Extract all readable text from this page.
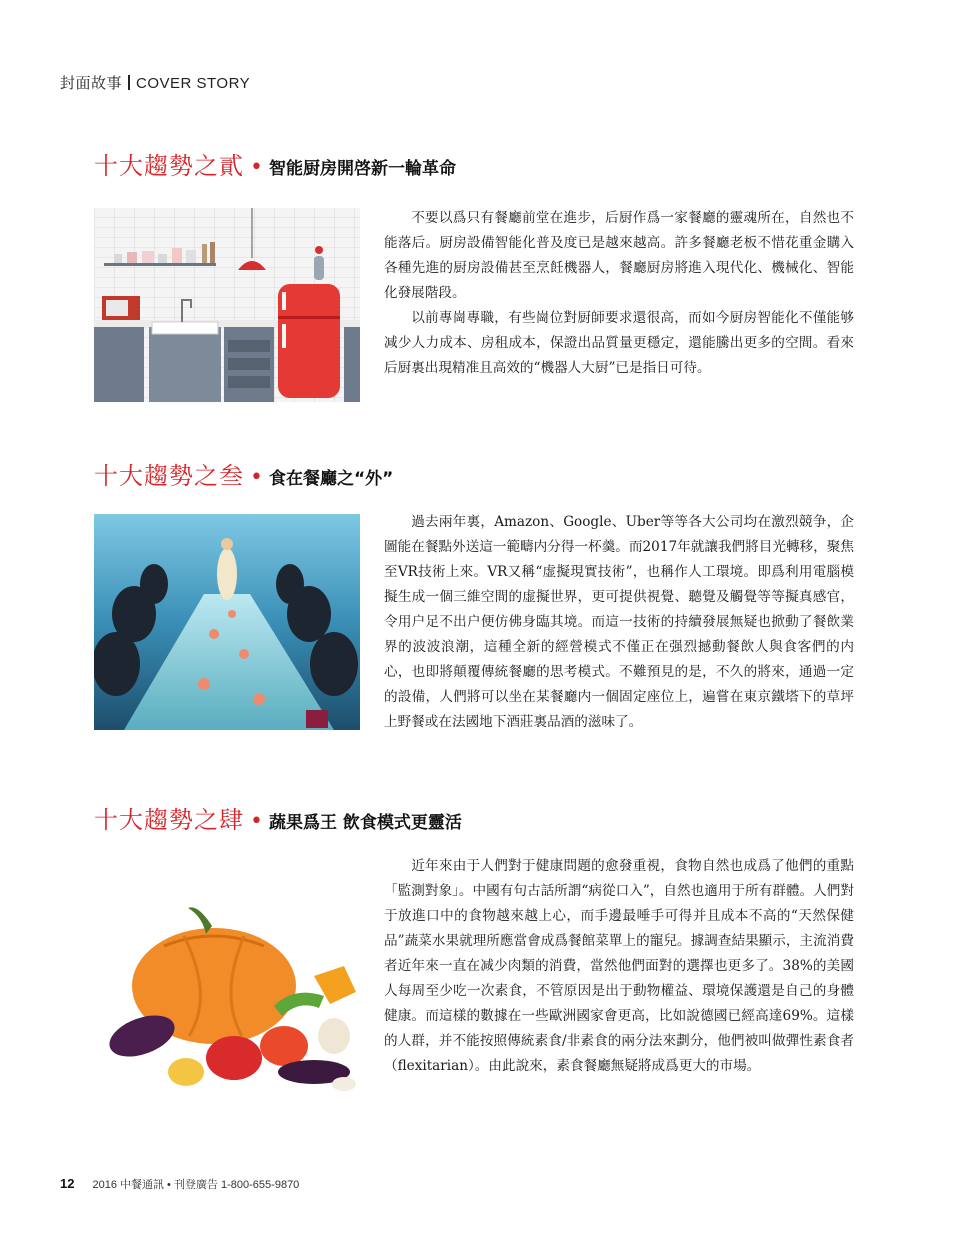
封面故事 COVER STORY
十大趨勢之貳 • 智能厨房開啓新一輪革命

不要以爲只有餐廳前堂在進步，后厨作爲一家餐廳的靈魂所在，自然也不能落后。厨房設備智能化普及度已是越來越高。許多餐廳老板不惜花重金購入各種先進的厨房設備甚至烹飪機器人，餐廳厨房將進入現代化、機械化、智能化發展階段。

以前專崗專職，有些崗位對厨師要求還很高，而如今厨房智能化不僅能够减少人力成本、房租成本，保證出品質量更穩定，還能騰出更多的空間。看來后厨裏出現精准且高效的“機器人大厨”已是指日可待。

十大趨勢之叁 • 食在餐廳之“外”

過去兩年裏，Amazon、Google、Uber等等各大公司均在激烈競争，企圖能在餐點外送這一範疇内分得一杯羹。而2017年就讓我們將目光轉移，聚焦至VR技術上來。VR又稱“虚擬現實技術”，也稱作人工環境。即爲利用電腦模擬生成一個三維空間的虚擬世界，更可提供視覺、聽覺及觸覺等等擬真感官，令用户足不出户便仿佛身臨其境。而這一技術的持續發展無疑也掀動了餐飲業界的波波浪潮，這種全新的經營模式不僅正在强烈撼動餐飲人與食客們的内心，也即將顛覆傳統餐廳的思考模式。不難預見的是，不久的將來，通過一定的設備，人們將可以坐在某餐廳内一個固定座位上，遍嘗在東京鐵塔下的草坪上野餐或在法國地下酒莊裏品酒的滋味了。

十大趨勢之肆 • 蔬果爲王 飲食模式更靈活

近年來由于人們對于健康問題的愈發重視，食物自然也成爲了他們的重點「監測對象」。中國有句古話所謂“病從口入”，自然也適用于所有群體。人們對于放進口中的食物越來越上心，而手邊最唾手可得并且成本不高的“天然保健品”蔬菜水果就理所應當會成爲餐館菜單上的寵兒。據調查結果顯示，主流消費者近年來一直在减少肉類的消費，當然他們面對的選擇也更多了。38%的美國人每周至少吃一次素食，不管原因是出于動物權益、環境保護還是自己的身體健康。而這樣的數據在一些歐洲國家會更高，比如說德國已經高達69%。這樣的人群，并不能按照傳統素食/非素食的兩分法來劃分，他們被叫做彈性素食者（flexitarian）。由此說來，素食餐廳無疑將成爲更大的市場。

12 2016 中餐通訊 • 刊登廣告 1-800-655-9870
